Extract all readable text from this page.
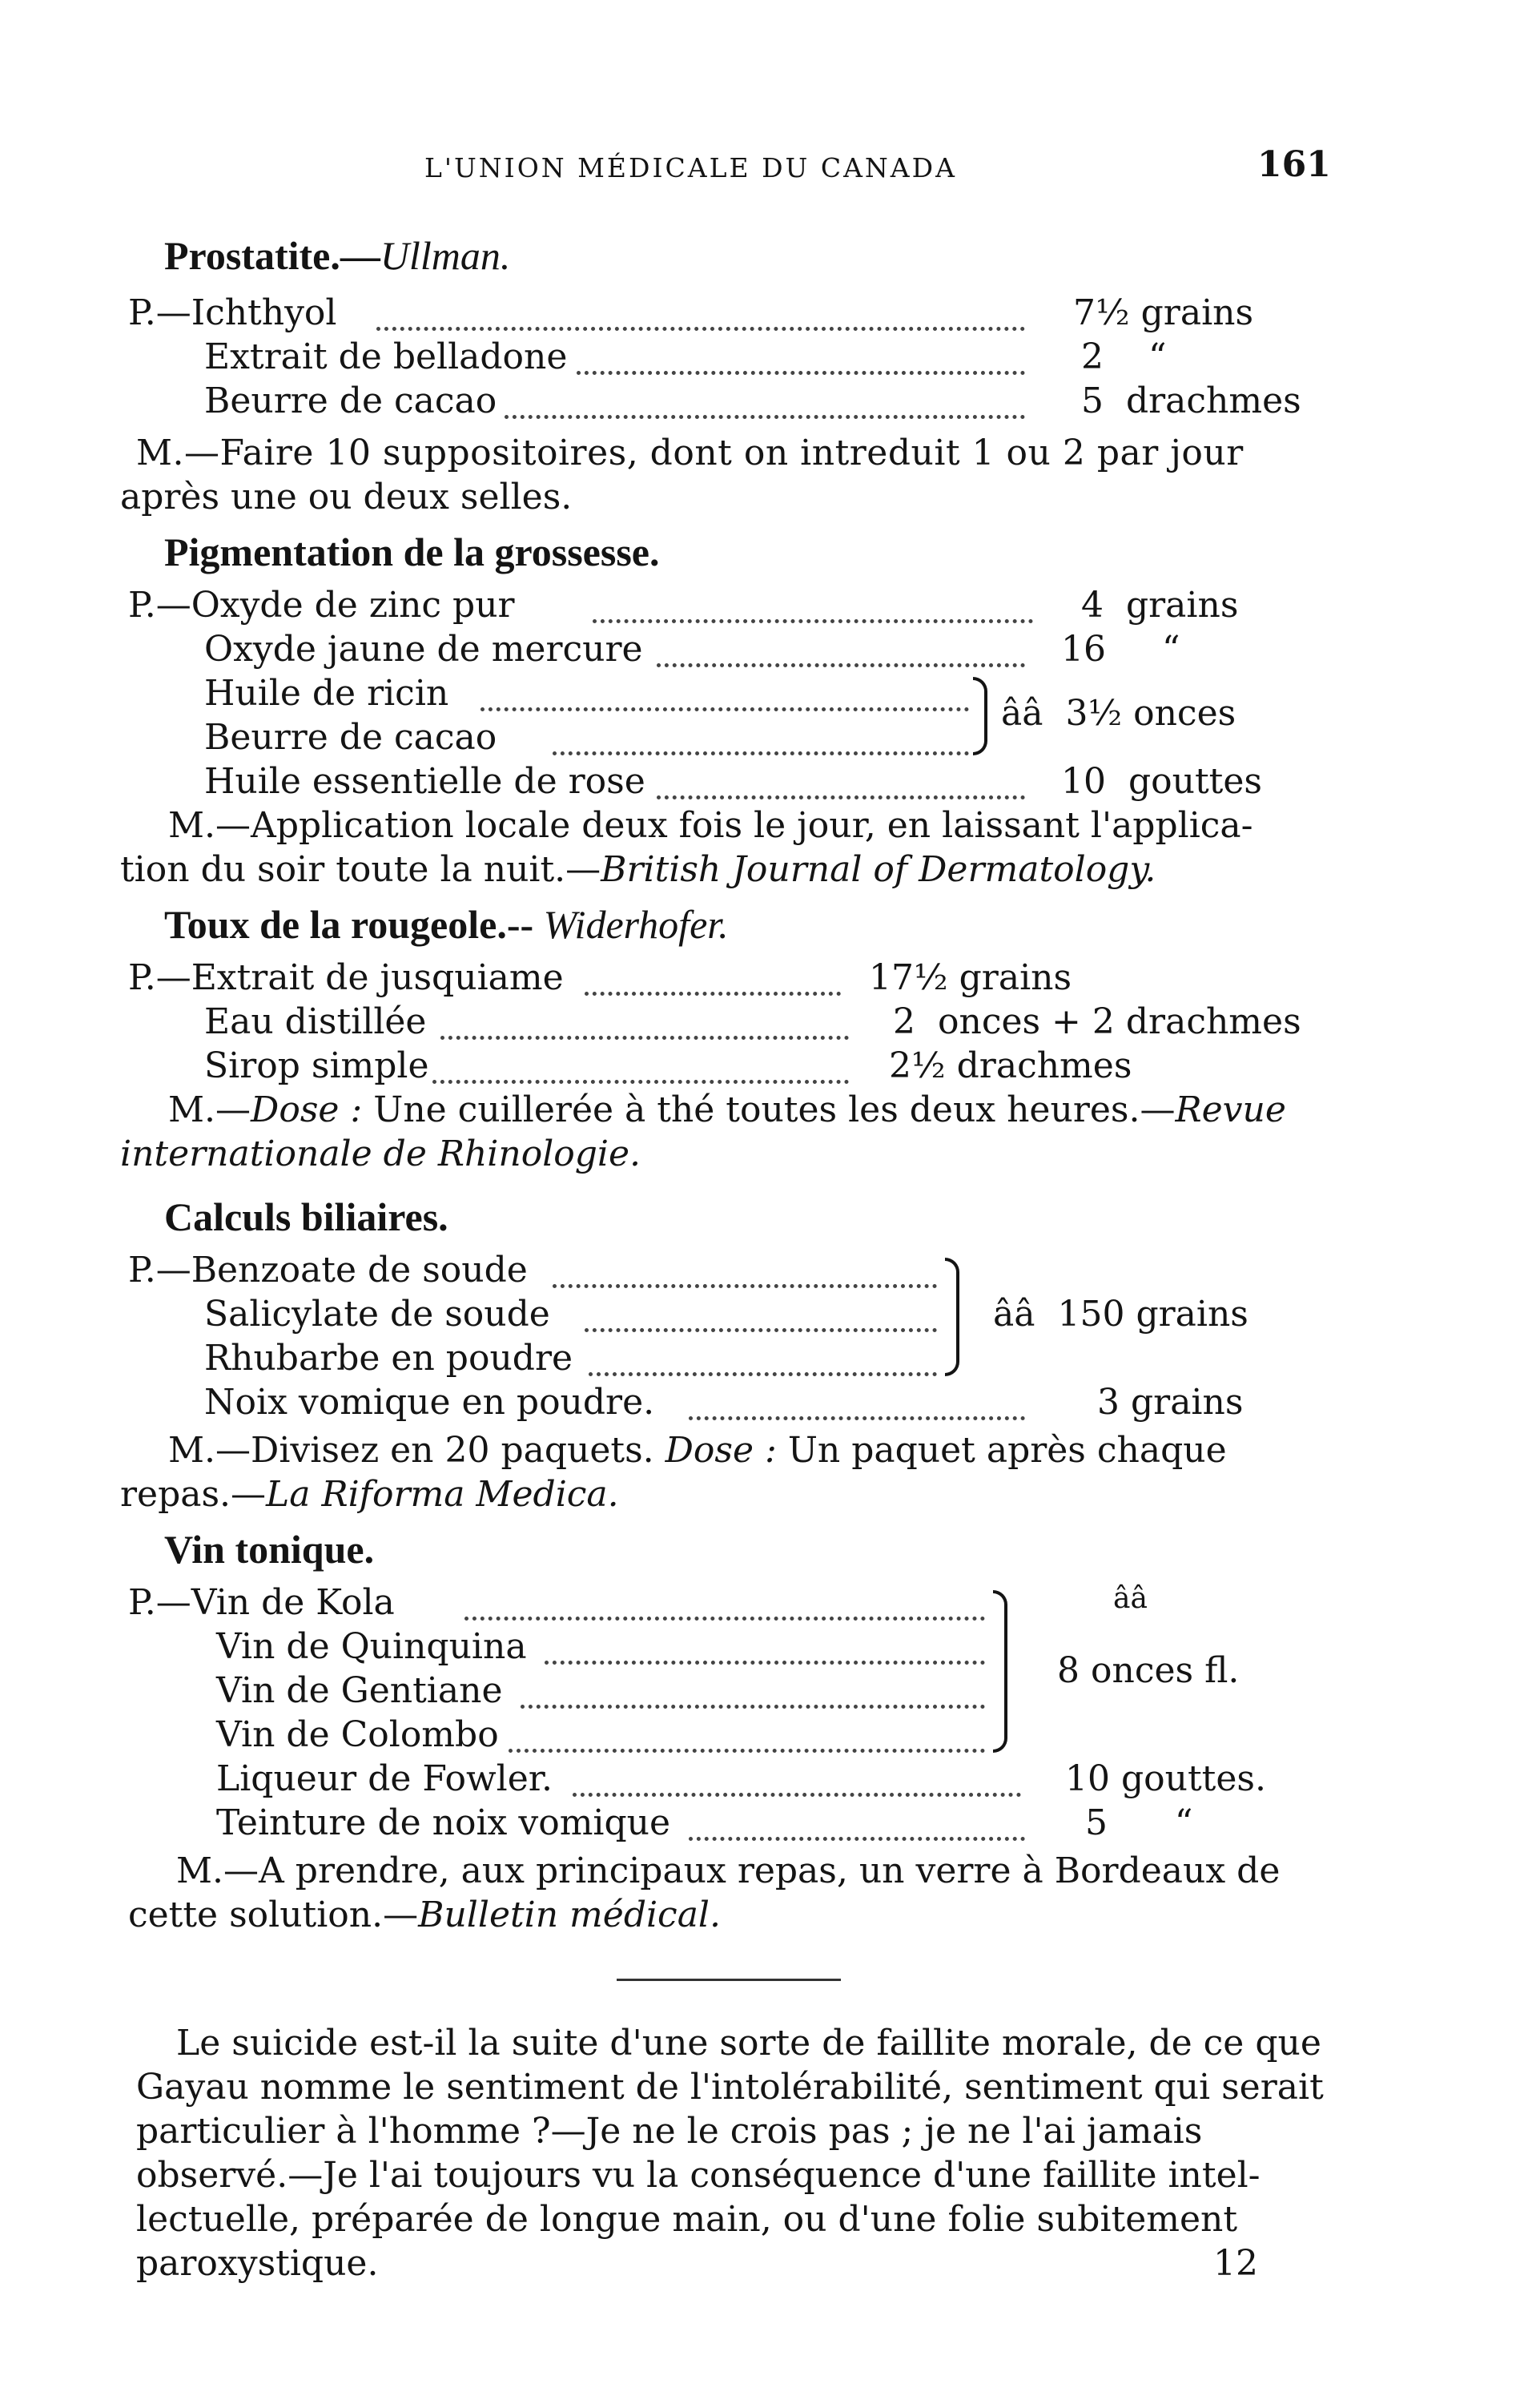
L'UNION MÉDICALE DU CANADA	161
Prostatite.—Ullman.
P.—Ichthyol	7½ grains
Extrait de belladone	2 “
Beurre de cacao	5 drachmes
M.—Faire 10 suppositoires, dont on intreduit 1 ou 2 par jour
après une ou deux selles.
Pigmentation de la grossesse.
P.—Oxyde de zinc pur	4 grains
Oxyde jaune de mercure	16 “
Huile de ricin
Beurre de cacao
ââ 3½ onces
Huile essentielle de rose	10 gouttes
M.—Application locale deux fois le jour, en laissant l'applica-
tion du soir toute la nuit.—British Journal of Dermatology.
Toux de la rougeole.-- Widerhofer.
P.—Extrait de jusquiame	17½ grains
Eau distillée	2 onces + 2 drachmes
Sirop simple	2½ drachmes
M.—Dose : Une cuillerée à thé toutes les deux heures.—Revue
internationale de Rhinologie.
Calculs biliaires.
P.—Benzoate de soude
Salicylate de soude
Rhubarbe en poudre
ââ 150 grains
Noix vomique en poudre.	3 grains
M.—Divisez en 20 paquets. Dose : Un paquet après chaque
repas.—La Riforma Medica.
Vin tonique.
P.—Vin de Kola	ââ
Vin de Quinquina
Vin de Gentiane
Vin de Colombo
8 onces fl.
Liqueur de Fowler.	10 gouttes.
Teinture de noix vomique	5 “
M.—A prendre, aux principaux repas, un verre à Bordeaux de
cette solution.—Bulletin médical.
Le suicide est-il la suite d'une sorte de faillite morale, de ce que
Gayau nomme le sentiment de l'intolérabilité, sentiment qui serait
particulier à l'homme ?—Je ne le crois pas ; je ne l'ai jamais
observé.—Je l'ai toujours vu la conséquence d'une faillite intel-
lectuelle, préparée de longue main, ou d'une folie subitement
paroxystique.	12
